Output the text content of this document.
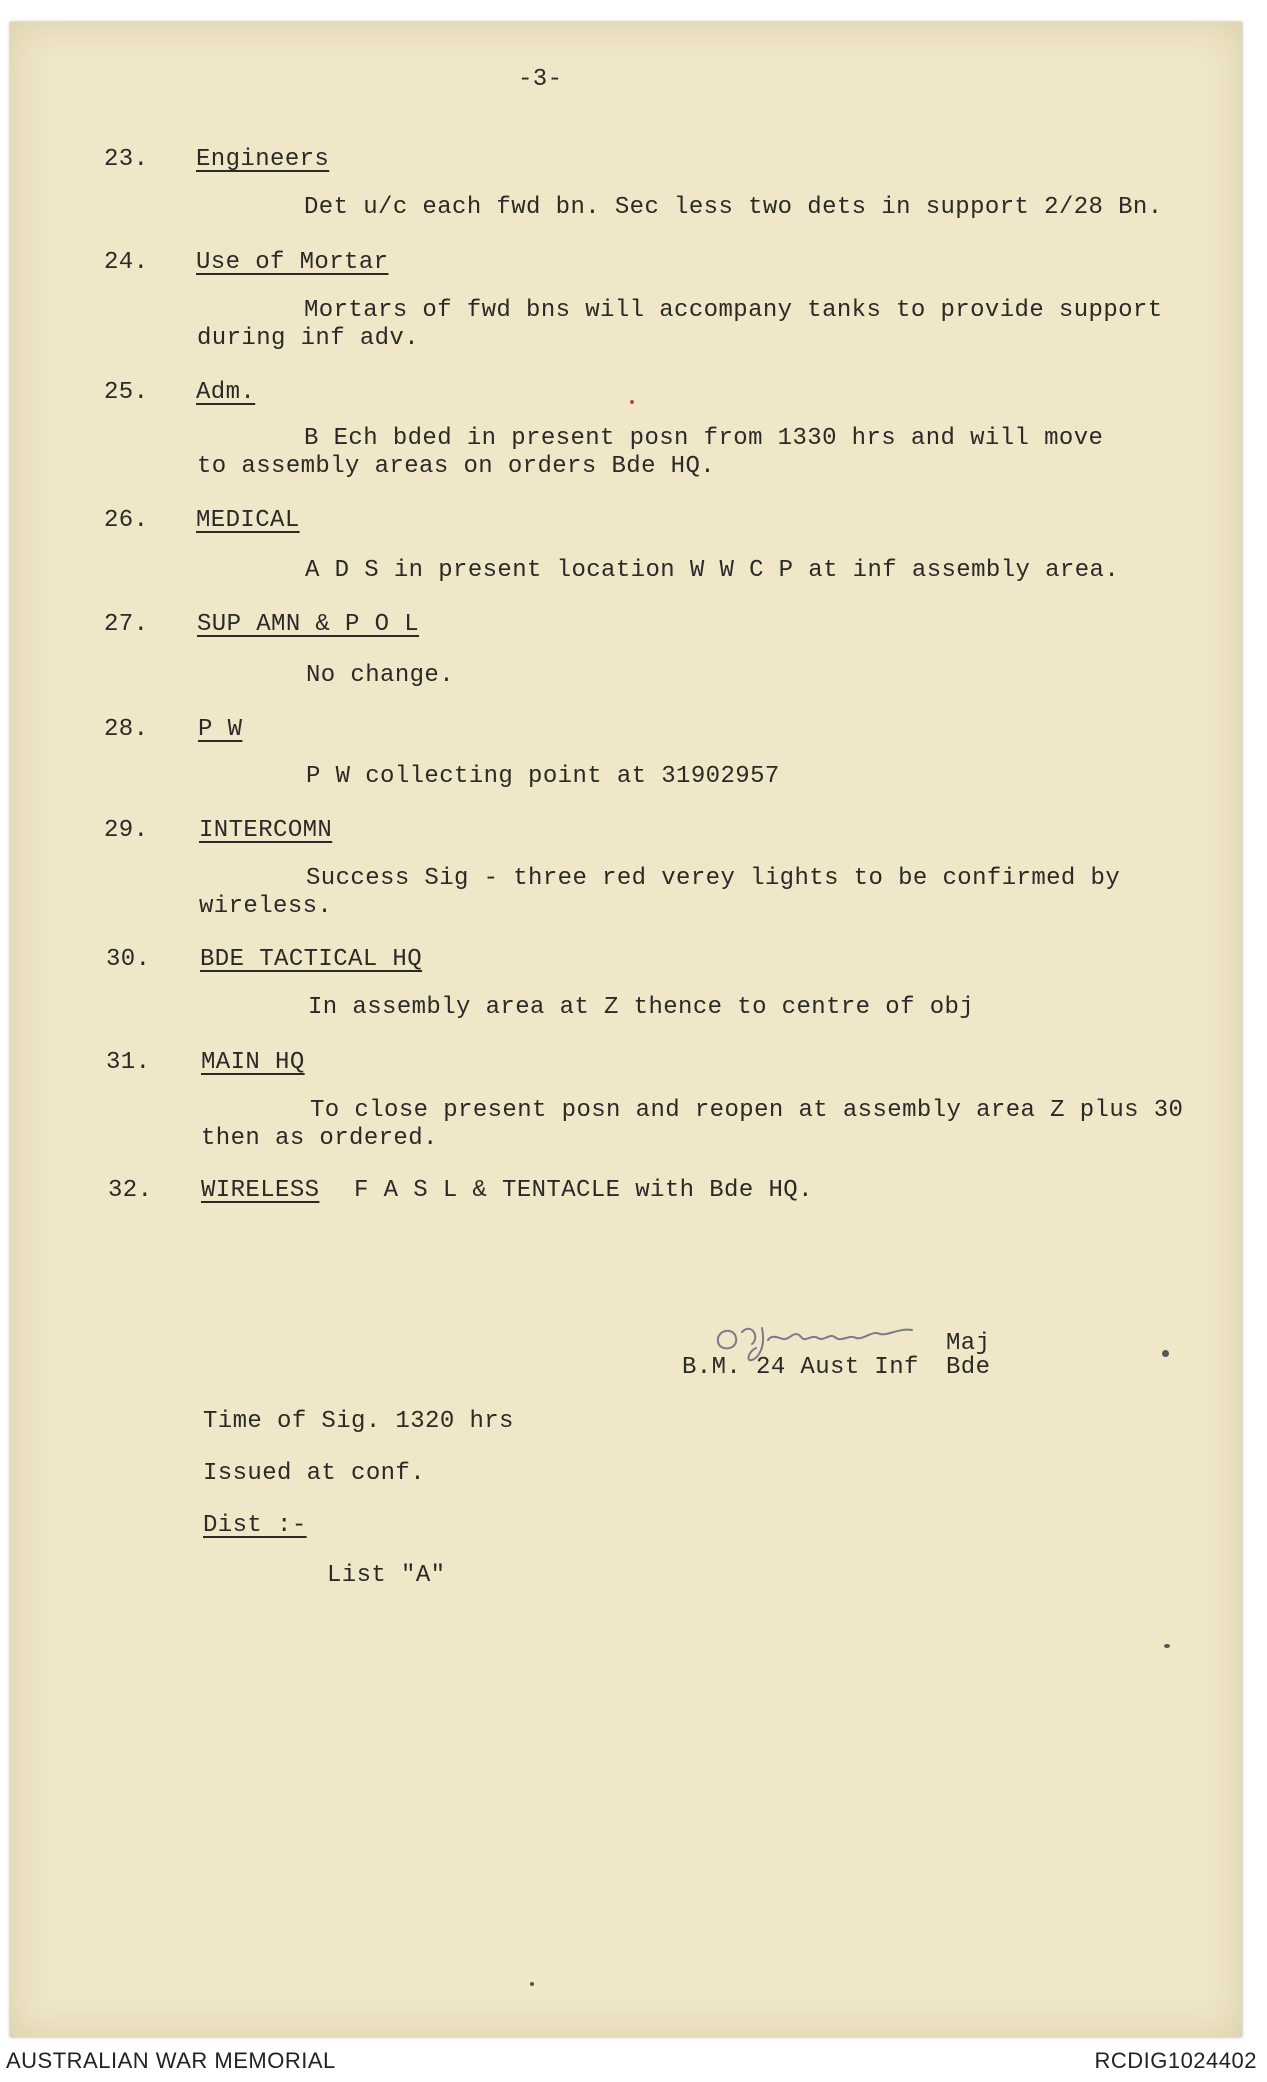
-3-
23. Engineers
Det u/c each fwd bn. Sec less two dets in support 2/28 Bn.
24. Use of Mortar
Mortars of fwd bns will accompany tanks to provide support
during inf adv.
25. Adm.
B Ech bded in present posn from 1330 hrs and will move
to assembly areas on orders Bde HQ.
26. MEDICAL
A D S in present location W W C P at inf assembly area.
27. SUP AMN & P O L
No change.
28. P W
P W collecting point at 31902957
29. INTERCOMN
Success Sig - three red verey lights to be confirmed by
wireless.
30. BDE TACTICAL HQ
In assembly area at Z thence to centre of obj
31. MAIN HQ
To close present posn and reopen at assembly area Z plus 30
then as ordered.
32. WIRELESS F A S L & TENTACLE with Bde HQ.
Maj
B.M. 24 Aust Inf Bde
Time of Sig. 1320 hrs
Issued at conf.
Dist :-
List "A"
AUSTRALIAN WAR MEMORIAL	RCDIG1024402
